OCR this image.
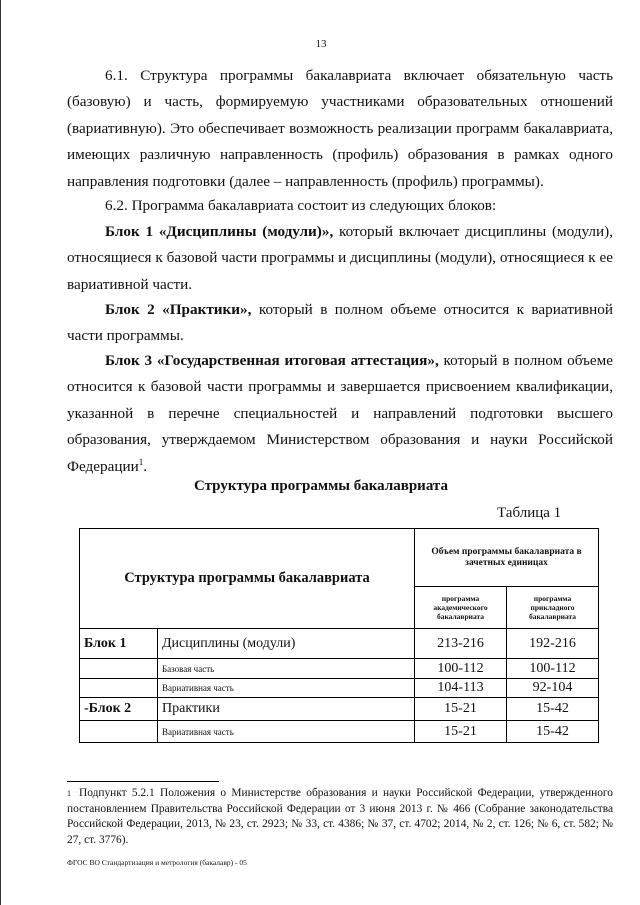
13

6.1. Структура программы бакалавриата включает обязательную часть (базовую) и часть, формируемую участниками образовательных отношений (вариативную). Это обеспечивает возможность реализации программ бакалавриата, имеющих различную направленность (профиль) образования в рамках одного направления подготовки (далее – направленность (профиль) программы).

6.2. Программа бакалавриата состоит из следующих блоков:

Блок 1 «Дисциплины (модули)», который включает дисциплины (модули), относящиеся к базовой части программы и дисциплины (модули), относящиеся к ее вариативной части.

Блок 2 «Практики», который в полном объеме относится к вариативной части программы.

Блок 3 «Государственная итоговая аттестация», который в полном объеме относится к базовой части программы и завершается присвоением квалификации, указанной в перечне специальностей и направлений подготовки высшего образования, утверждаемом Министерством образования и науки Российской Федерации$^1$.

Структура программы бакалавриата
Таблица 1
Структура программы бакалавриата		Объем программы бакалавриата в зачетных единицах	
		программа академического бакалавриата	программа прикладного бакалавриата
Блок 1	Дисциплины (модули)	213-216	192-216
	Базовая часть	100-112	100-112
	Вариативная часть	104-113	92-104
-Блок 2	Практики	15-21	15-42
	Вариативная часть	15-21	15-42

$^1$ Подпункт 5.2.1 Положения о Министерстве образования и науки Российской Федерации, утвержденного постановлением Правительства Российской Федерации от 3 июня 2013 г. № 466 (Собрание законодательства Российской Федерации, 2013, № 23, ст. 2923; № 33, ст. 4386; № 37, ст. 4702; 2014, № 2, ст. 126; № 6, ст. 582; № 27, ст. 3776).

ФГОС ВО Стандартизация и метрология (бакалавр) - 05
